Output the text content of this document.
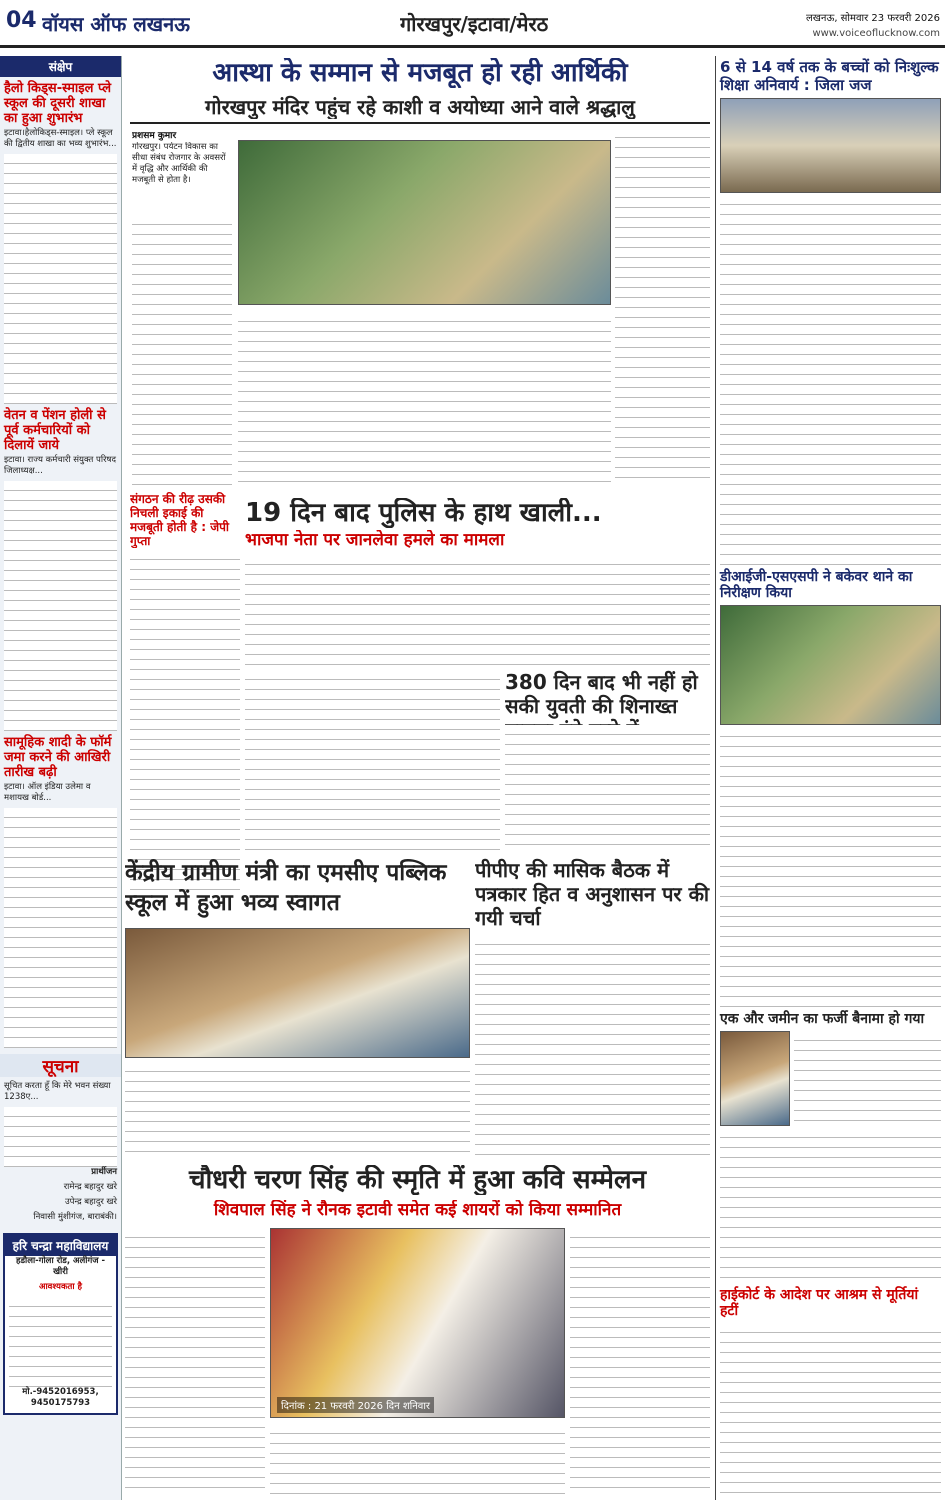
04 वॉयस ऑफ लखनऊ	गोरखपुर/इटावा/मेरठ	लखनऊ, सोमवार 23 फरवरी 2026
www.voiceoflucknow.com
संक्षेप
हैलो किड्स-स्माइल प्ले स्कूल की दूसरी शाखा का हुआ शुभारंभ
इटावा।हैलोकिड्स-स्माइल। प्ले स्कूल की द्वितीय शाखा का भव्य शुभारंभ...
वेतन व पेंशन होली से पूर्व कर्मचारियों को दिलायें जाये
इटावा। राज्य कर्मचारी संयुक्त परिषद जिलाध्यक्ष...
सामूहिक शादी के फॉर्म जमा करने की आखिरी तारीख बढ़ी
इटावा। ऑल इंडिया उलेमा व मशायख बोर्ड...
सूचना
सूचित करता हूँ कि मेरे भवन संख्या 1238ए...
प्रार्थीजन
रामेन्द्र बहादुर खरे
उपेन्द्र बहादुर खरे
निवासी मुंशीगंज, बाराबंकी।
हरि चन्द्रा महाविद्यालय
हडौला-गोला रोड, अलीगंज - खीरी
आवश्यकता है
मो.-9452016953, 9450175793
आस्था के सम्मान से मजबूत हो रही आर्थिकी
गोरखपुर मंदिर पहुंच रहे काशी व अयोध्या आने वाले श्रद्धालु
प्रशसम कुमार
गोरखपुर। पर्यटन विकास का सीधा संबंध रोजगार के अवसरों में वृद्धि और आर्थिकी की मजबूती से होता है।
संगठन की रीढ़ उसकी निचली इकाई की मजबूती होती है : जेपी गुप्ता
19 दिन बाद पुलिस के हाथ खाली...
भाजपा नेता पर जानलेवा हमले का मामला
380 दिन बाद भी नहीं हो सकी युवती की शिनाख्त
केंद्रीय ग्रामीण मंत्री का एमसीए पब्लिक स्कूल में हुआ भव्य स्वागत
पीपीए की मासिक बैठक में पत्रकार हित व अनुशासन पर की गयी चर्चा
चौधरी चरण सिंह की स्मृति में हुआ कवि सम्मेलन
शिवपाल सिंह ने रौनक इटावी समेत कई शायरों को किया सम्मानित
दिनांक : 21 फरवरी 2026 दिन शनिवार
6 से 14 वर्ष तक के बच्चों को निःशुल्क शिक्षा अनिवार्य : जिला जज
डीआईजी-एसएसपी ने बकेवर थाने का निरीक्षण किया
एक और जमीन का फर्जी बैनामा हो गया
हाईकोर्ट के आदेश पर आश्रम से मूर्तियां हटीं
